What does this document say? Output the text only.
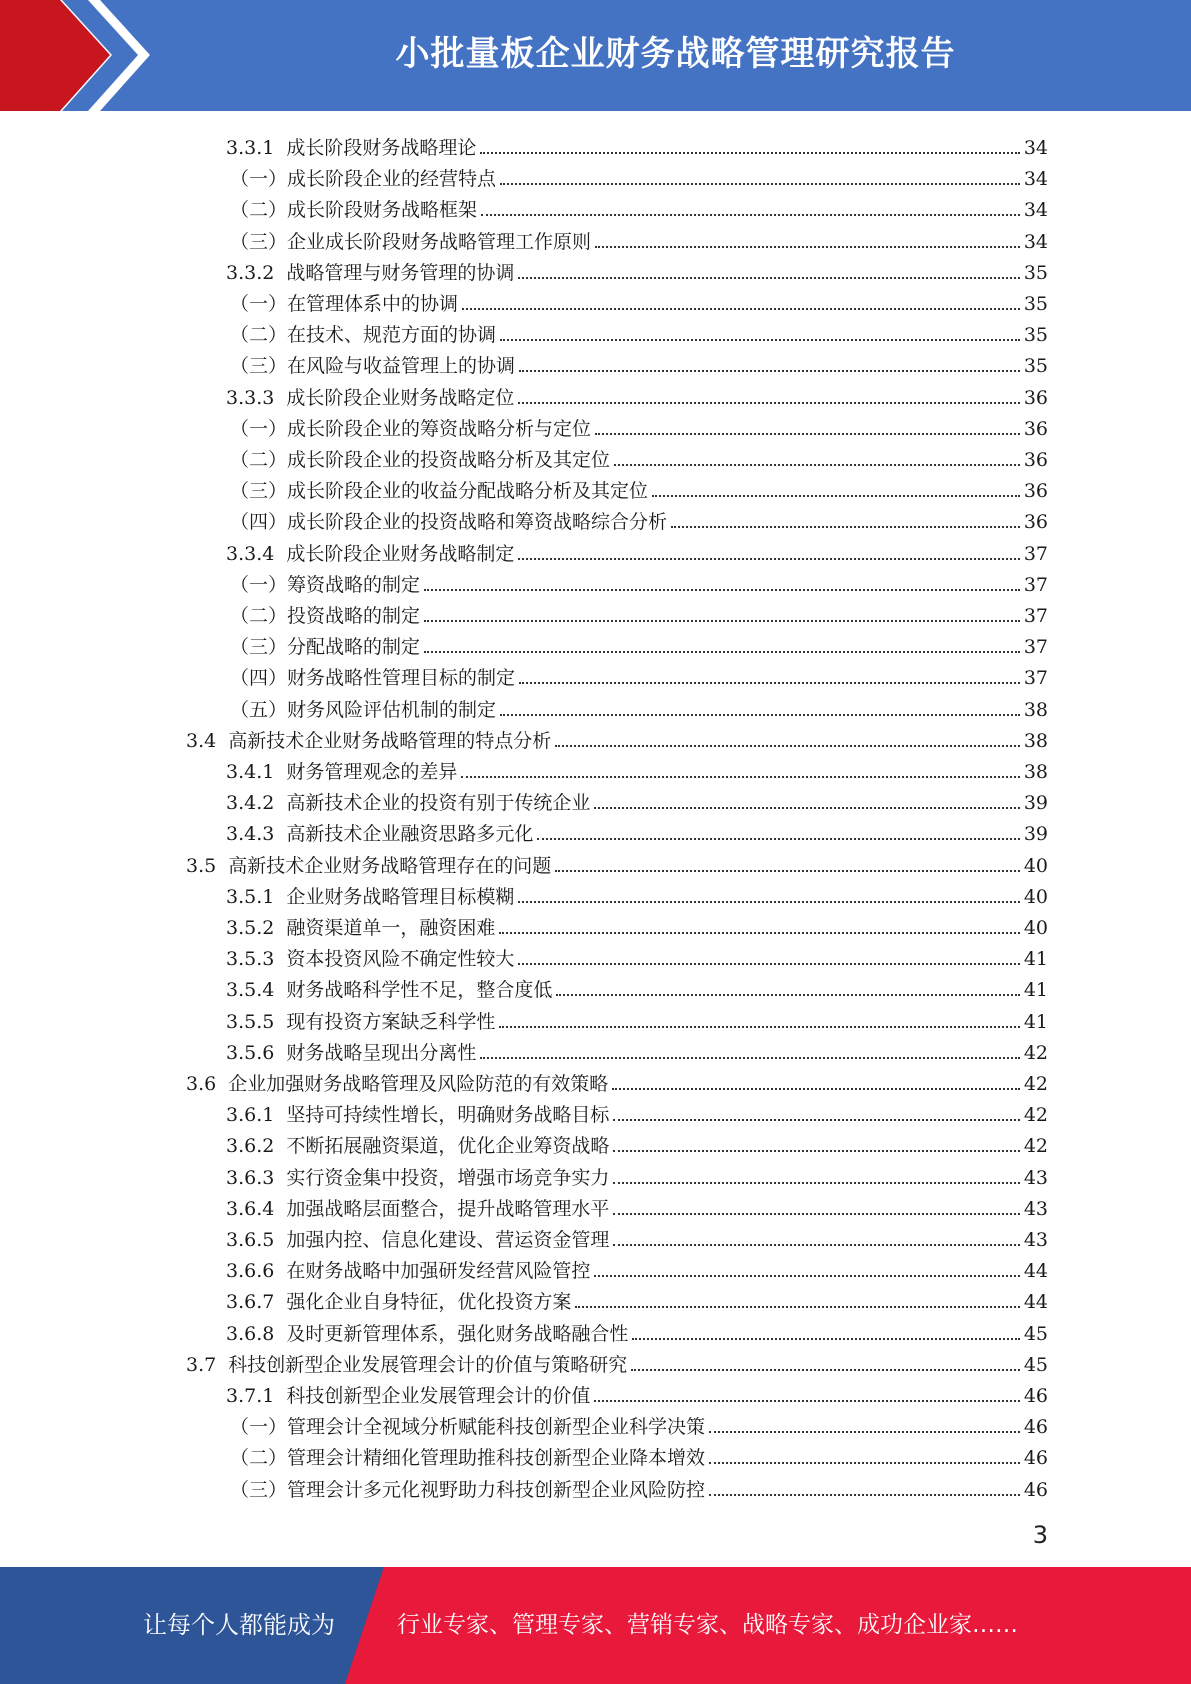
小批量板企业财务战略管理研究报告
3.3.1  成长阶段财务战略理论	34
（一）成长阶段企业的经营特点	34
（二）成长阶段财务战略框架	34
（三）企业成长阶段财务战略管理工作原则	34
3.3.2  战略管理与财务管理的协调	35
（一）在管理体系中的协调	35
（二）在技术、规范方面的协调	35
（三）在风险与收益管理上的协调	35
3.3.3  成长阶段企业财务战略定位	36
（一）成长阶段企业的筹资战略分析与定位	36
（二）成长阶段企业的投资战略分析及其定位	36
（三）成长阶段企业的收益分配战略分析及其定位	36
（四）成长阶段企业的投资战略和筹资战略综合分析	36
3.3.4  成长阶段企业财务战略制定	37
（一）筹资战略的制定	37
（二）投资战略的制定	37
（三）分配战略的制定	37
（四）财务战略性管理目标的制定	37
（五）财务风险评估机制的制定	38
3.4  高新技术企业财务战略管理的特点分析	38
3.4.1  财务管理观念的差异	38
3.4.2  高新技术企业的投资有别于传统企业	39
3.4.3  高新技术企业融资思路多元化	39
3.5  高新技术企业财务战略管理存在的问题	40
3.5.1  企业财务战略管理目标模糊	40
3.5.2  融资渠道单一，融资困难	40
3.5.3  资本投资风险不确定性较大	41
3.5.4  财务战略科学性不足，整合度低	41
3.5.5  现有投资方案缺乏科学性	41
3.5.6  财务战略呈现出分离性	42
3.6  企业加强财务战略管理及风险防范的有效策略	42
3.6.1  坚持可持续性增长，明确财务战略目标	42
3.6.2  不断拓展融资渠道，优化企业筹资战略	42
3.6.3  实行资金集中投资，增强市场竞争实力	43
3.6.4  加强战略层面整合，提升战略管理水平	43
3.6.5  加强内控、信息化建设、营运资金管理	43
3.6.6  在财务战略中加强研发经营风险管控	44
3.6.7  强化企业自身特征，优化投资方案	44
3.6.8  及时更新管理体系，强化财务战略融合性	45
3.7  科技创新型企业发展管理会计的价值与策略研究	45
3.7.1  科技创新型企业发展管理会计的价值	46
（一）管理会计全视域分析赋能科技创新型企业科学决策	46
（二）管理会计精细化管理助推科技创新型企业降本增效	46
（三）管理会计多元化视野助力科技创新型企业风险防控	46
3
让每个人都能成为	行业专家、管理专家、营销专家、战略专家、成功企业家……
